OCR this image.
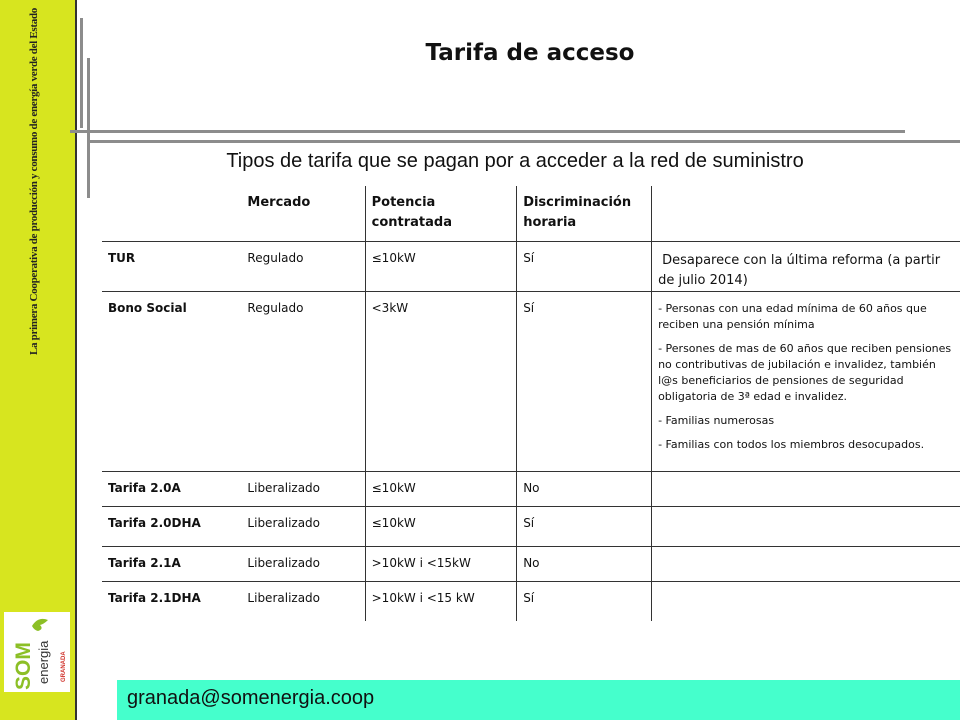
La primera Cooperativa de producción y consumo de energía verde del Estado
SOM energia GRANADA
Tarifa de acceso

Tipos de tarifa que se pagan por a acceder a la red de suministro

	Mercado	Potencia contratada	Discriminación horaria	
TUR	Regulado	≤10kW	Sí	Desaparece con la última reforma (a partir de julio 2014)

Bono Social	Regulado	<3kW	Sí	- Personas con una edad mínima de 60 años que reciben una pensión mínima

- Persones de mas de 60 años que reciben pensiones no contributivas de jubilación e invalidez, también l@s beneficiarios de pensiones de seguridad obligatoria de 3ª edad e invalidez.

- Familias numerosas

- Familias con todos los miembros desocupados.

Tarifa 2.0A	Liberalizado	≤10kW	No	
Tarifa 2.0DHA	Liberalizado	≤10kW	Sí	
Tarifa 2.1A	Liberalizado	>10kW i <15kW	No	
Tarifa 2.1DHA	Liberalizado	>10kW i <15 kW	Sí	
granada@somenergia.coop
